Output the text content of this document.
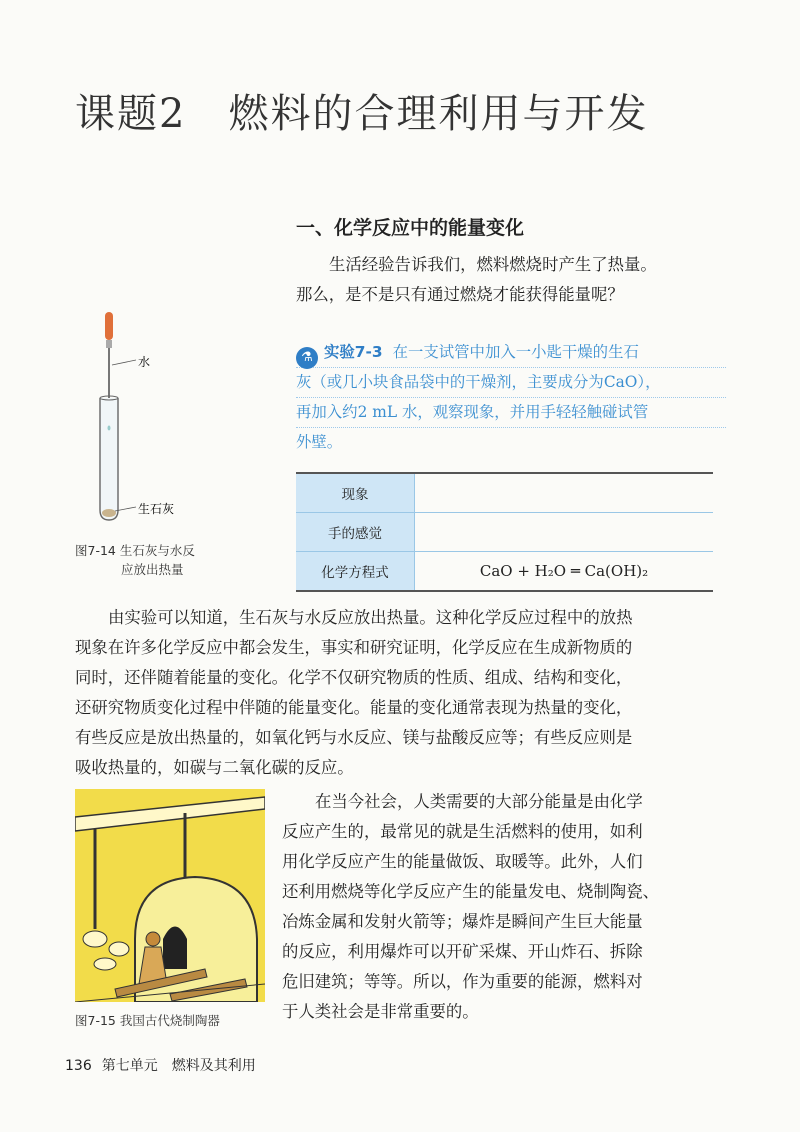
课题2　燃料的合理利用与开发
一、化学反应中的能量变化

生活经验告诉我们，燃料燃烧时产生了热量。

那么，是不是只有通过燃烧才能获得能量呢？

水
生石灰
图7-14 生石灰与水反
应放出热量
⚗ 实验7-3 在一支试管中加入一小匙干燥的生石
灰（或几小块食品袋中的干燥剂，主要成分为CaO），
再加入约2 mL 水，观察现象，并用手轻轻触碰试管
外壁。
现象	
手的感觉	
化学方程式	CaO + H₂O ═ Ca(OH)₂

由实验可以知道，生石灰与水反应放出热量。这种化学反应过程中的放热

现象在许多化学反应中都会发生，事实和研究证明，化学反应在生成新物质的

同时，还伴随着能量的变化。化学不仅研究物质的性质、组成、结构和变化，

还研究物质变化过程中伴随的能量变化。能量的变化通常表现为热量的变化，

有些反应是放出热量的，如氧化钙与水反应、镁与盐酸反应等；有些反应则是

吸收热量的，如碳与二氧化碳的反应。

图7-15 我国古代烧制陶器

在当今社会，人类需要的大部分能量是由化学

反应产生的，最常见的就是生活燃料的使用，如利

用化学反应产生的能量做饭、取暖等。此外，人们

还利用燃烧等化学反应产生的能量发电、烧制陶瓷、

冶炼金属和发射火箭等；爆炸是瞬间产生巨大能量

的反应，利用爆炸可以开矿采煤、开山炸石、拆除

危旧建筑；等等。所以，作为重要的能源，燃料对

于人类社会是非常重要的。

136 第七单元　燃料及其利用
